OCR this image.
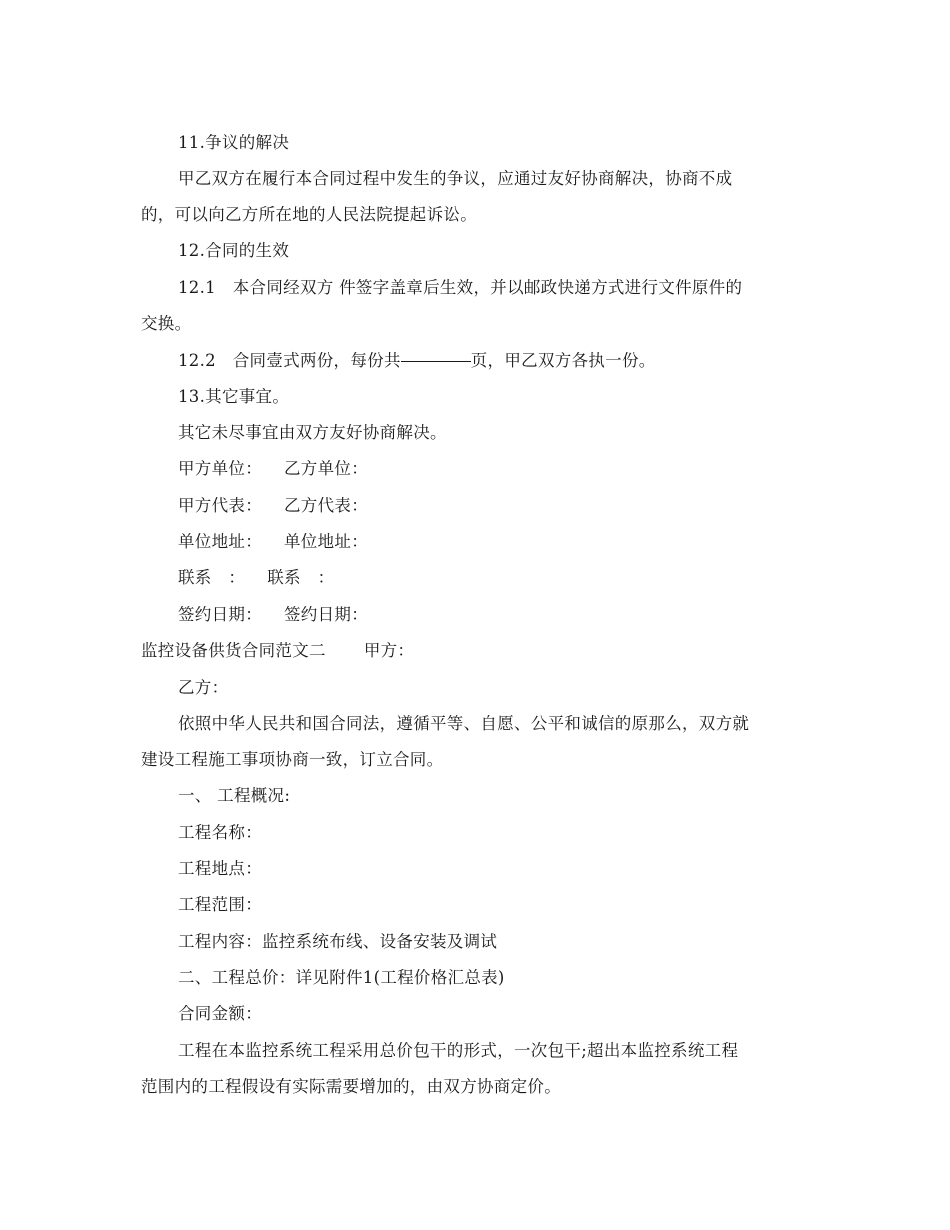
11.争议的解决
甲乙双方在履行本合同过程中发生的争议，应通过友好协商解决，协商不成
的，可以向乙方所在地的人民法院提起诉讼。
12.合同的生效
12.1　本合同经双方 件签字盖章后生效，并以邮政快递方式进行文件原件的
交换。
12.2　合同壹式两份，每份共	页，甲乙双方各执一份。
13.其它事宜。
其它未尽事宜由双方友好协商解决。
甲方单位： 乙方单位：
甲方代表： 乙方代表：
单位地址： 单位地址：
联系　： 联系　：
签约日期： 签约日期：
监控设备供货合同范文二 甲方：
乙方：
依照中华人民共和国合同法，遵循平等、自愿、公平和诚信的原那么，双方就
建设工程施工事项协商一致，订立合同。
一、 工程概况:
工程名称：
工程地点：
工程范围：
工程内容：监控系统布线、设备安装及调试
二、工程总价：详见附件1(工程价格汇总表)
合同金额：
工程在本监控系统工程采用总价包干的形式，一次包干;超出本监控系统工程
范围内的工程假设有实际需要增加的，由双方协商定价。
